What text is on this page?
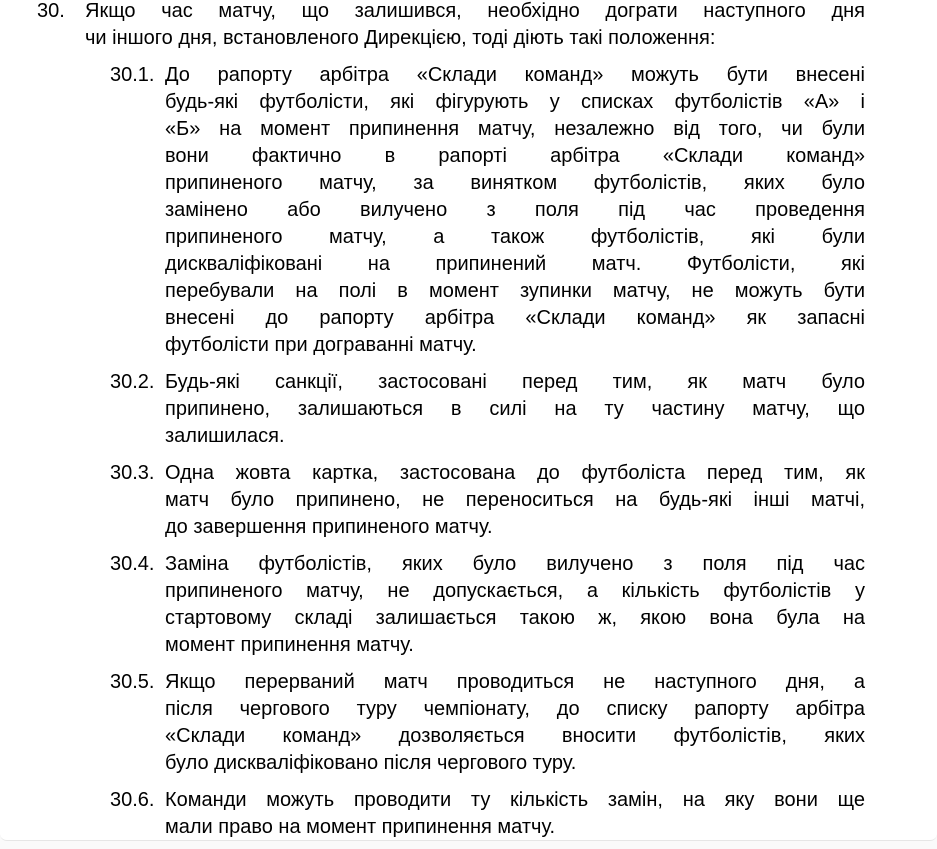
30. Якщо час матчу, що залишився, необхідно дограти наступного дня
чи іншого дня, встановленого Дирекцією, тоді діють такі положення:
30.1. До рапорту арбітра «Склади команд» можуть бути внесені
будь-які футболісти, які фігурують у списках футболістів «А» і
«Б» на момент припинення матчу, незалежно від того, чи були
вони фактично в рапорті арбітра «Склади команд»
припиненого матчу, за винятком футболістів, яких було
замінено або вилучено з поля під час проведення
припиненого матчу, а також футболістів, які були
дискваліфіковані на припинений матч. Футболісти, які
перебували на полі в момент зупинки матчу, не можуть бути
внесені до рапорту арбітра «Склади команд» як запасні
футболісти при дограванні матчу.
30.2. Будь-які санкції, застосовані перед тим, як матч було
припинено, залишаються в силі на ту частину матчу, що
залишилася.
30.3. Одна жовта картка, застосована до футболіста перед тим, як
матч було припинено, не переноситься на будь-які інші матчі,
до завершення припиненого матчу.
30.4. Заміна футболістів, яких було вилучено з поля під час
припиненого матчу, не допускається, а кількість футболістів у
стартовому складі залишається такою ж, якою вона була на
момент припинення матчу.
30.5. Якщо перерваний матч проводиться не наступного дня, а
після чергового туру чемпіонату, до списку рапорту арбітра
«Склади команд» дозволяється вносити футболістів, яких
було дискваліфіковано після чергового туру.
30.6. Команди можуть проводити ту кількість замін, на яку вони ще
мали право на момент припинення матчу.
